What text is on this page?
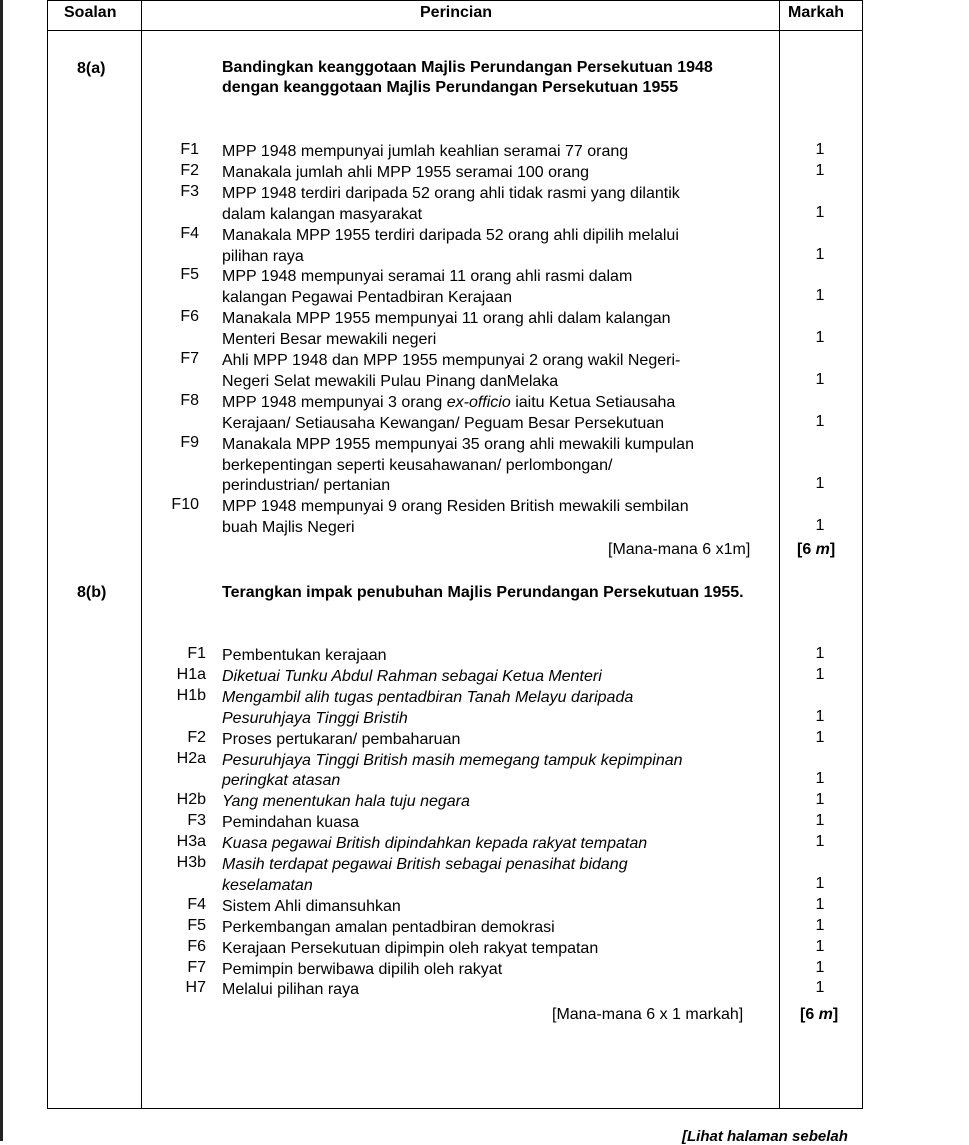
Soalan	Perincian	Markah
8(a)	Bandingkan keanggotaan Majlis Perundangan Persekutuan 1948 dengan keanggotaan Majlis Perundangan Persekutuan 1955
F1 MPP 1948 mempunyai jumlah keahlian seramai 77 orang	1
F2 Manakala jumlah ahli MPP 1955 seramai 100 orang	1
F3 MPP 1948 terdiri daripada 52 orang ahli tidak rasmi yang dilantik
dalam kalangan masyarakat	1
F4 Manakala MPP 1955 terdiri daripada 52 orang ahli dipilih melalui
pilihan raya	1
F5 MPP 1948 mempunyai seramai 11 orang ahli rasmi dalam
kalangan Pegawai Pentadbiran Kerajaan	1
F6 Manakala MPP 1955 mempunyai 11 orang ahli dalam kalangan
Menteri Besar mewakili negeri	1
F7 Ahli MPP 1948 dan MPP 1955 mempunyai 2 orang wakil Negeri-
Negeri Selat mewakili Pulau Pinang danMelaka	1
F8 MPP 1948 mempunyai 3 orang ex-officio iaitu Ketua Setiausaha
Kerajaan/ Setiausaha Kewangan/ Peguam Besar Persekutuan	1
F9 Manakala MPP 1955 mempunyai 35 orang ahli mewakili kumpulan
berkepentingan seperti keusahawanan/ perlombongan/
perindustrian/ pertanian	1
F10 MPP 1948 mempunyai 9 orang Residen British mewakili sembilan
buah Majlis Negeri	1
[Mana-mana 6 x1m]	[6 m]
8(b)	Terangkan impak penubuhan Majlis Perundangan Persekutuan 1955.
F1 Pembentukan kerajaan	1
H1a Diketuai Tunku Abdul Rahman sebagai Ketua Menteri	1
H1b Mengambil alih tugas pentadbiran Tanah Melayu daripada
Pesuruhjaya Tinggi Bristih	1
F2 Proses pertukaran/ pembaharuan	1
H2a Pesuruhjaya Tinggi British masih memegang tampuk kepimpinan
peringkat atasan	1
H2b Yang menentukan hala tuju negara	1
F3 Pemindahan kuasa	1
H3a Kuasa pegawai British dipindahkan kepada rakyat tempatan	1
H3b Masih terdapat pegawai British sebagai penasihat bidang
keselamatan	1
F4 Sistem Ahli dimansuhkan	1
F5 Perkembangan amalan pentadbiran demokrasi	1
F6 Kerajaan Persekutuan dipimpin oleh rakyat tempatan	1
F7 Pemimpin berwibawa dipilih oleh rakyat	1
H7 Melalui pilihan raya	1
[Mana-mana 6 x 1 markah]	[6 m]
[Lihat halaman sebelah
